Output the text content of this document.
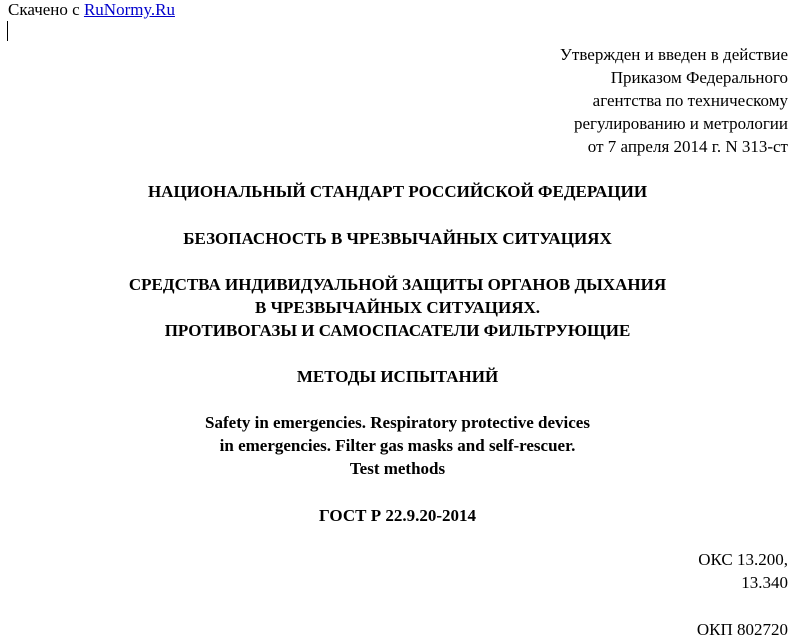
Скачено с RuNormy.Ru
Утвержден и введен в действие
Приказом Федерального
агентства по техническому
регулированию и метрологии
от 7 апреля 2014 г. N 313-ст
НАЦИОНАЛЬНЫЙ СТАНДАРТ РОССИЙСКОЙ ФЕДЕРАЦИИ
БЕЗОПАСНОСТЬ В ЧРЕЗВЫЧАЙНЫХ СИТУАЦИЯХ
СРЕДСТВА ИНДИВИДУАЛЬНОЙ ЗАЩИТЫ ОРГАНОВ ДЫХАНИЯ
В ЧРЕЗВЫЧАЙНЫХ СИТУАЦИЯХ.
ПРОТИВОГАЗЫ И САМОСПАСАТЕЛИ ФИЛЬТРУЮЩИЕ
МЕТОДЫ ИСПЫТАНИЙ
Safety in emergencies. Respiratory protective devices
in emergencies. Filter gas masks and self-rescuer.
Test methods
ГОСТ Р 22.9.20-2014
ОКС 13.200,
13.340
ОКП 802720
